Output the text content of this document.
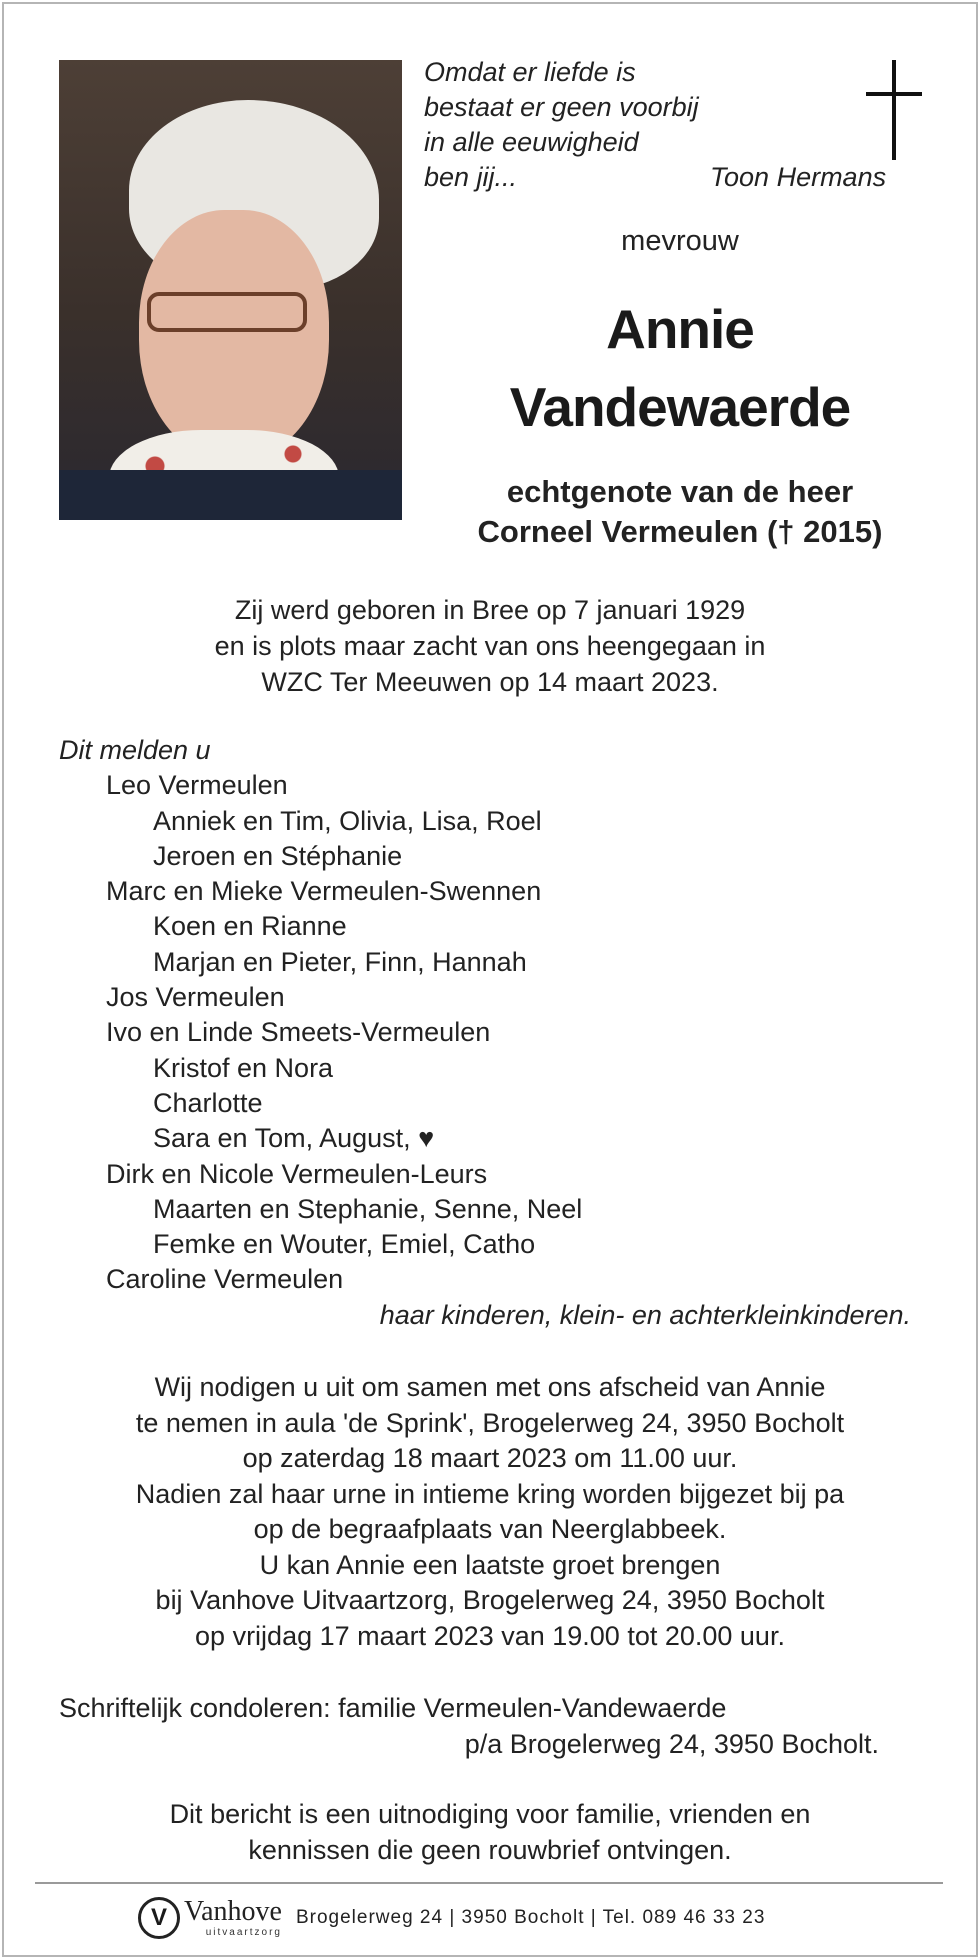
Omdat er liefde is
bestaat er geen voorbij
in alle eeuwigheid
ben jij...	Toon Hermans
mevrouw
Annie
Vandewaerde
echtgenote van de heer
Corneel Vermeulen († 2015)
Zij werd geboren in Bree op 7 januari 1929
en is plots maar zacht van ons heengegaan in
WZC Ter Meeuwen op 14 maart 2023.
Dit melden u
Leo Vermeulen
Anniek en Tim, Olivia, Lisa, Roel
Jeroen en Stéphanie
Marc en Mieke Vermeulen-Swennen
Koen en Rianne
Marjan en Pieter, Finn, Hannah
Jos Vermeulen
Ivo en Linde Smeets-Vermeulen
Kristof en Nora
Charlotte
Sara en Tom, August, ♥
Dirk en Nicole Vermeulen-Leurs
Maarten en Stephanie, Senne, Neel
Femke en Wouter, Emiel, Catho
Caroline Vermeulen
haar kinderen, klein- en achterkleinkinderen.
Wij nodigen u uit om samen met ons afscheid van Annie
te nemen in aula 'de Sprink', Brogelerweg 24, 3950 Bocholt
op zaterdag 18 maart 2023 om 11.00 uur.
Nadien zal haar urne in intieme kring worden bijgezet bij pa
op de begraafplaats van Neerglabbeek.
U kan Annie een laatste groet brengen
bij Vanhove Uitvaartzorg, Brogelerweg 24, 3950 Bocholt
op vrijdag 17 maart 2023 van 19.00 tot 20.00 uur.
Schriftelijk condoleren: familie Vermeulen-Vandewaerde
p/a Brogelerweg 24, 3950 Bocholt.
Dit bericht is een uitnodiging voor familie, vrienden en
kennissen die geen rouwbrief ontvingen.
V Vanhove
uitvaartzorg
Brogelerweg 24 | 3950 Bocholt | Tel. 089 46 33 23
